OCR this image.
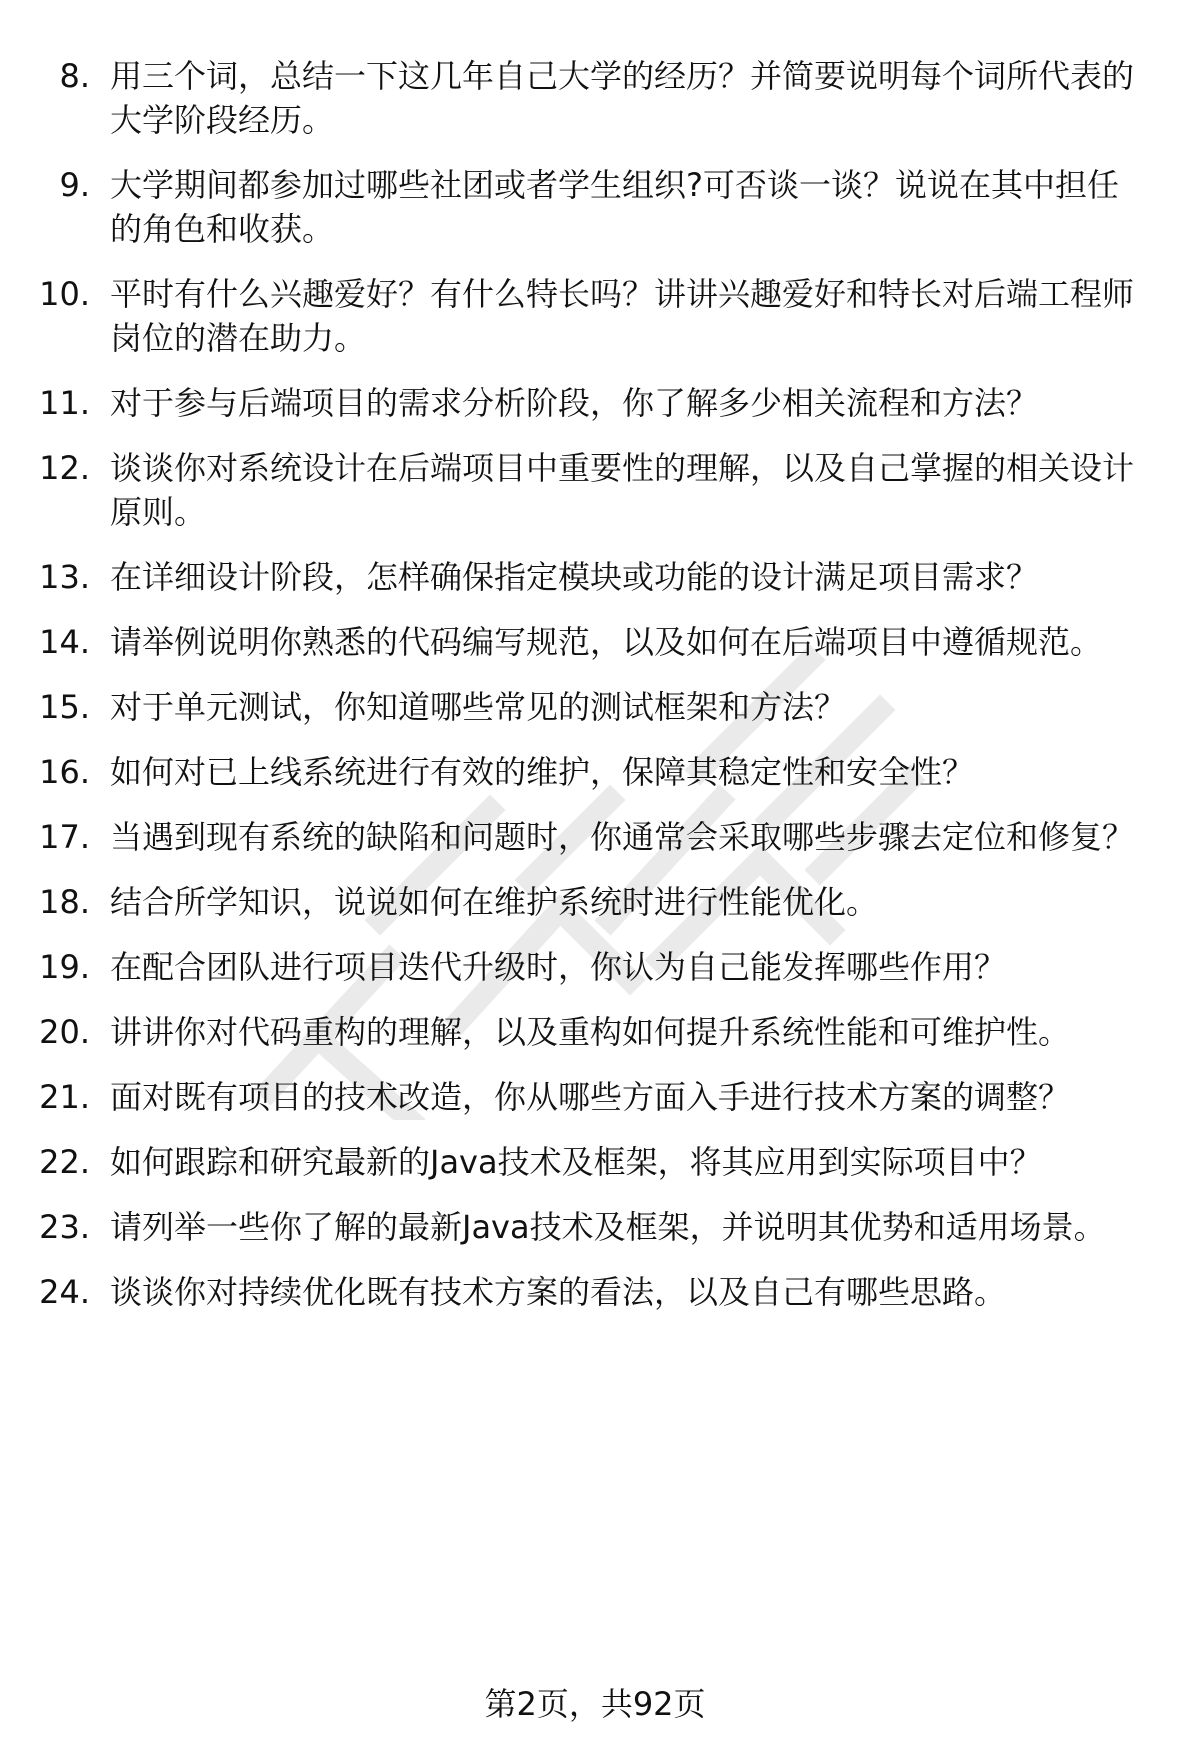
8. 用三个词，总结一下这几年自己大学的经历？并简要说明每个词所代表的大学阶段经历。
9. 大学期间都参加过哪些社团或者学生组织?可否谈一谈？说说在其中担任的角色和收获。
10. 平时有什么兴趣爱好？有什么特长吗？讲讲兴趣爱好和特长对后端工程师岗位的潜在助力。
11. 对于参与后端项目的需求分析阶段，你了解多少相关流程和方法？
12. 谈谈你对系统设计在后端项目中重要性的理解，以及自己掌握的相关设计原则。
13. 在详细设计阶段，怎样确保指定模块或功能的设计满足项目需求？
14. 请举例说明你熟悉的代码编写规范，以及如何在后端项目中遵循规范。
15. 对于单元测试，你知道哪些常见的测试框架和方法？
16. 如何对已上线系统进行有效的维护，保障其稳定性和安全性？
17. 当遇到现有系统的缺陷和问题时，你通常会采取哪些步骤去定位和修复？
18. 结合所学知识，说说如何在维护系统时进行性能优化。
19. 在配合团队进行项目迭代升级时，你认为自己能发挥哪些作用？
20. 讲讲你对代码重构的理解，以及重构如何提升系统性能和可维护性。
21. 面对既有项目的技术改造，你从哪些方面入手进行技术方案的调整？
22. 如何跟踪和研究最新的Java技术及框架，将其应用到实际项目中？
23. 请列举一些你了解的最新Java技术及框架，并说明其优势和适用场景。
24. 谈谈你对持续优化既有技术方案的看法，以及自己有哪些思路。
第2页，共92页
